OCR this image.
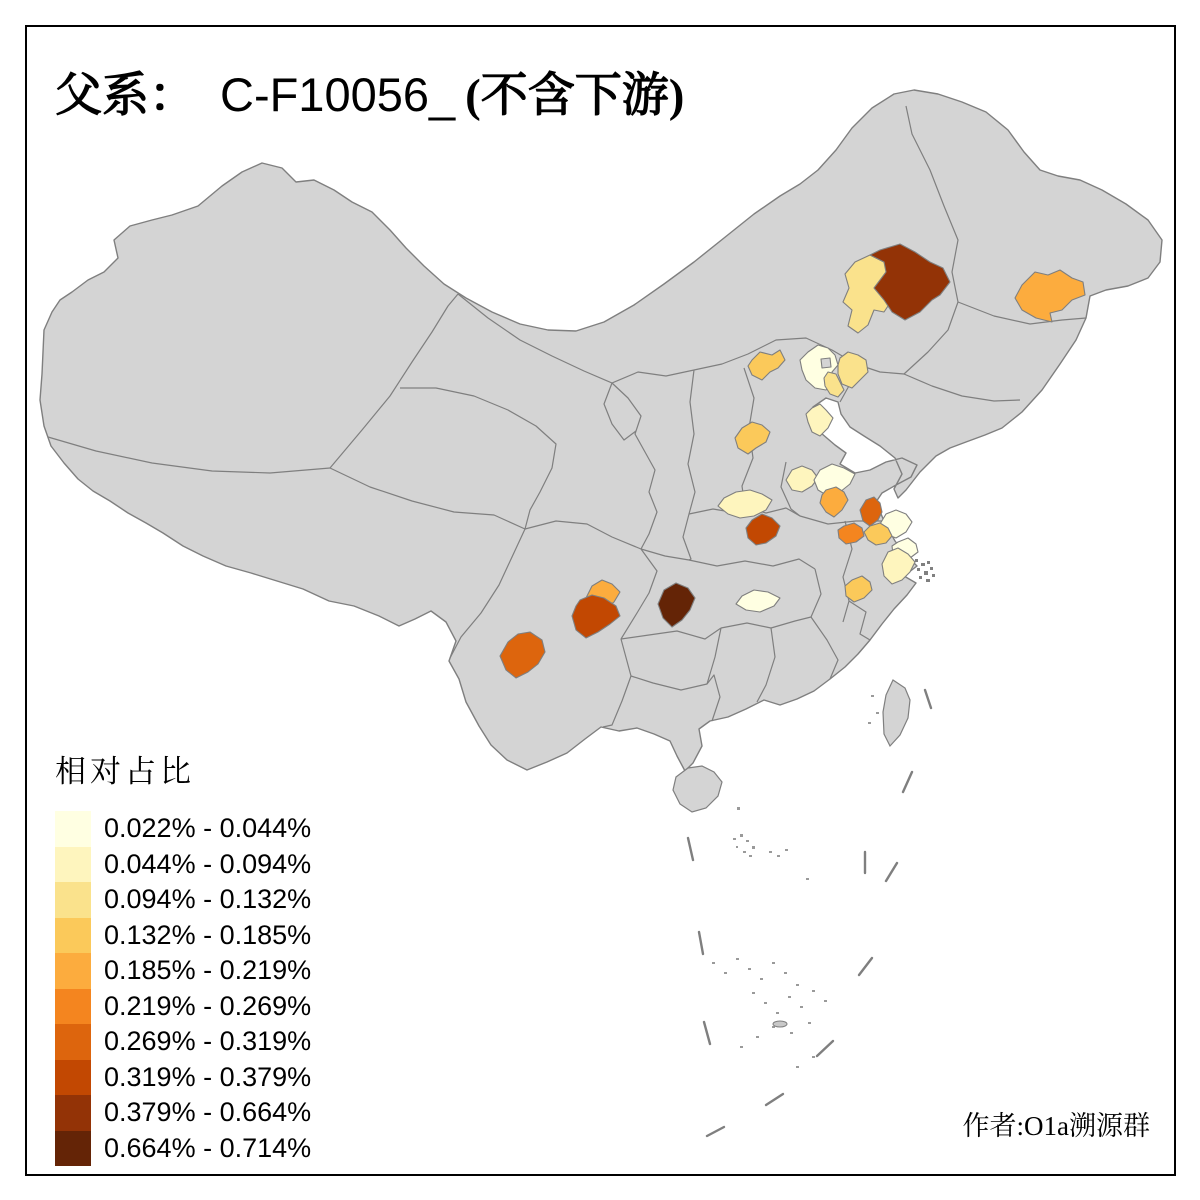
父系： C-F10056_ (不含下游)
相对占比
0.022% - 0.044%
0.044% - 0.094%
0.094% - 0.132%
0.132% - 0.185%
0.185% - 0.219%
0.219% - 0.269%
0.269% - 0.319%
0.319% - 0.379%
0.379% - 0.664%
0.664% - 0.714%
作者:O1a溯源群
